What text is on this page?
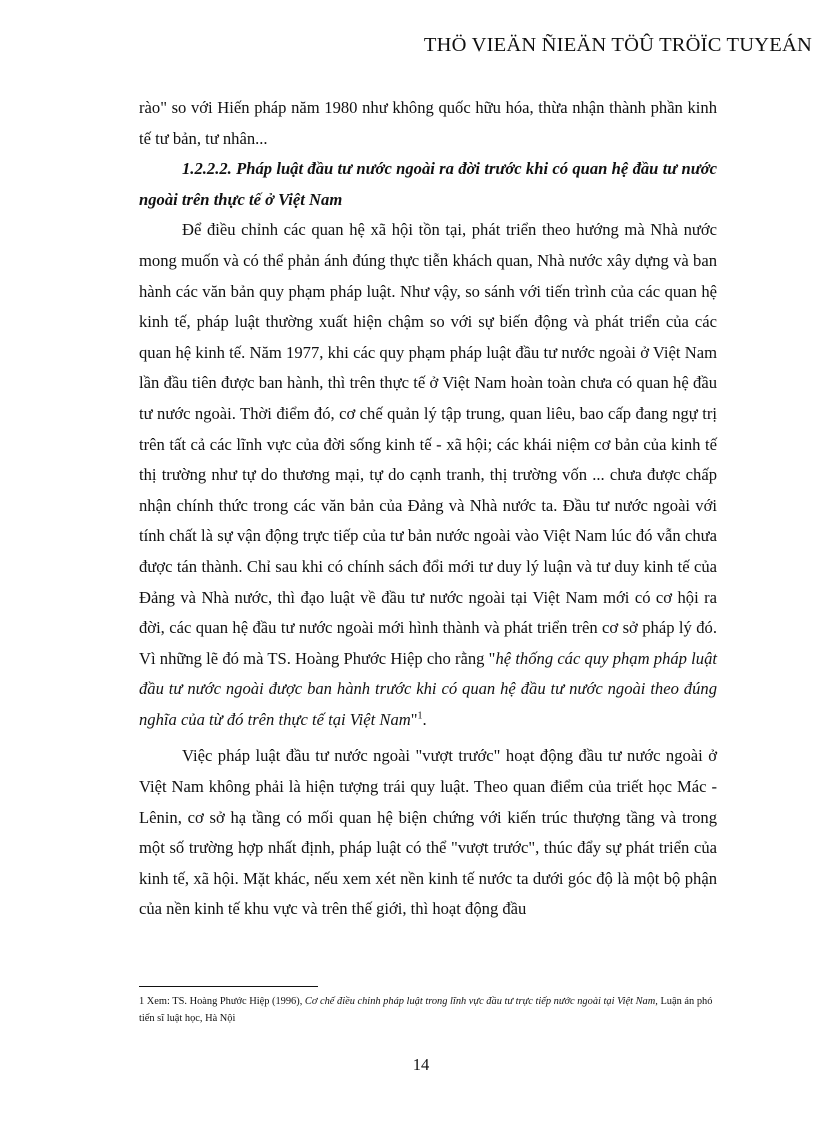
THÖ VIEÄN ÑIEÄN TÖÛ TRÖÏC TUYEÁN

rào" so với Hiến pháp năm 1980 như không quốc hữu hóa, thừa nhận thành phần kinh tế tư bản, tư nhân...

1.2.2.2. Pháp luật đầu tư nước ngoài ra đời trước khi có quan hệ đầu tư nước ngoài trên thực tế ở Việt Nam

Để điều chỉnh các quan hệ xã hội tồn tại, phát triển theo hướng mà Nhà nước mong muốn và có thể phản ánh đúng thực tiễn khách quan, Nhà nước xây dựng và ban hành các văn bản quy phạm pháp luật. Như vậy, so sánh với tiến trình của các quan hệ kinh tế, pháp luật thường xuất hiện chậm so với sự biến động và phát triển của các quan hệ kinh tế. Năm 1977, khi các quy phạm pháp luật đầu tư nước ngoài ở Việt Nam lần đầu tiên được ban hành, thì trên thực tế ở Việt Nam hoàn toàn chưa có quan hệ đầu tư nước ngoài. Thời điểm đó, cơ chế quản lý tập trung, quan liêu, bao cấp đang ngự trị trên tất cả các lĩnh vực của đời sống kinh tế - xã hội; các khái niệm cơ bản của kinh tế thị trường như tự do thương mại, tự do cạnh tranh, thị trường vốn ... chưa được chấp nhận chính thức trong các văn bản của Đảng và Nhà nước ta. Đầu tư nước ngoài với tính chất là sự vận động trực tiếp của tư bản nước ngoài vào Việt Nam lúc đó vẫn chưa được tán thành. Chỉ sau khi có chính sách đổi mới tư duy lý luận và tư duy kinh tế của Đảng và Nhà nước, thì đạo luật về đầu tư nước ngoài tại Việt Nam mới có cơ hội ra đời, các quan hệ đầu tư nước ngoài mới hình thành và phát triển trên cơ sở pháp lý đó. Vì những lẽ đó mà TS. Hoàng Phước Hiệp cho rằng "hệ thống các quy phạm pháp luật đầu tư nước ngoài được ban hành trước khi có quan hệ đầu tư nước ngoài theo đúng nghĩa của từ đó trên thực tế tại Việt Nam"$^1$.

Việc pháp luật đầu tư nước ngoài "vượt trước" hoạt động đầu tư nước ngoài ở Việt Nam không phải là hiện tượng trái quy luật. Theo quan điểm của triết học Mác - Lênin, cơ sở hạ tầng có mối quan hệ biện chứng với kiến trúc thượng tầng và trong một số trường hợp nhất định, pháp luật có thể "vượt trước", thúc đẩy sự phát triển của kinh tế, xã hội. Mặt khác, nếu xem xét nền kinh tế nước ta dưới góc độ là một bộ phận của nền kinh tế khu vực và trên thế giới, thì hoạt động đầu

1 Xem: TS. Hoàng Phước Hiệp (1996), Cơ chế điều chỉnh pháp luật trong lĩnh vực đầu tư trực tiếp nước ngoài tại Việt Nam, Luận án phó tiến sĩ luật học, Hà Nội
14
